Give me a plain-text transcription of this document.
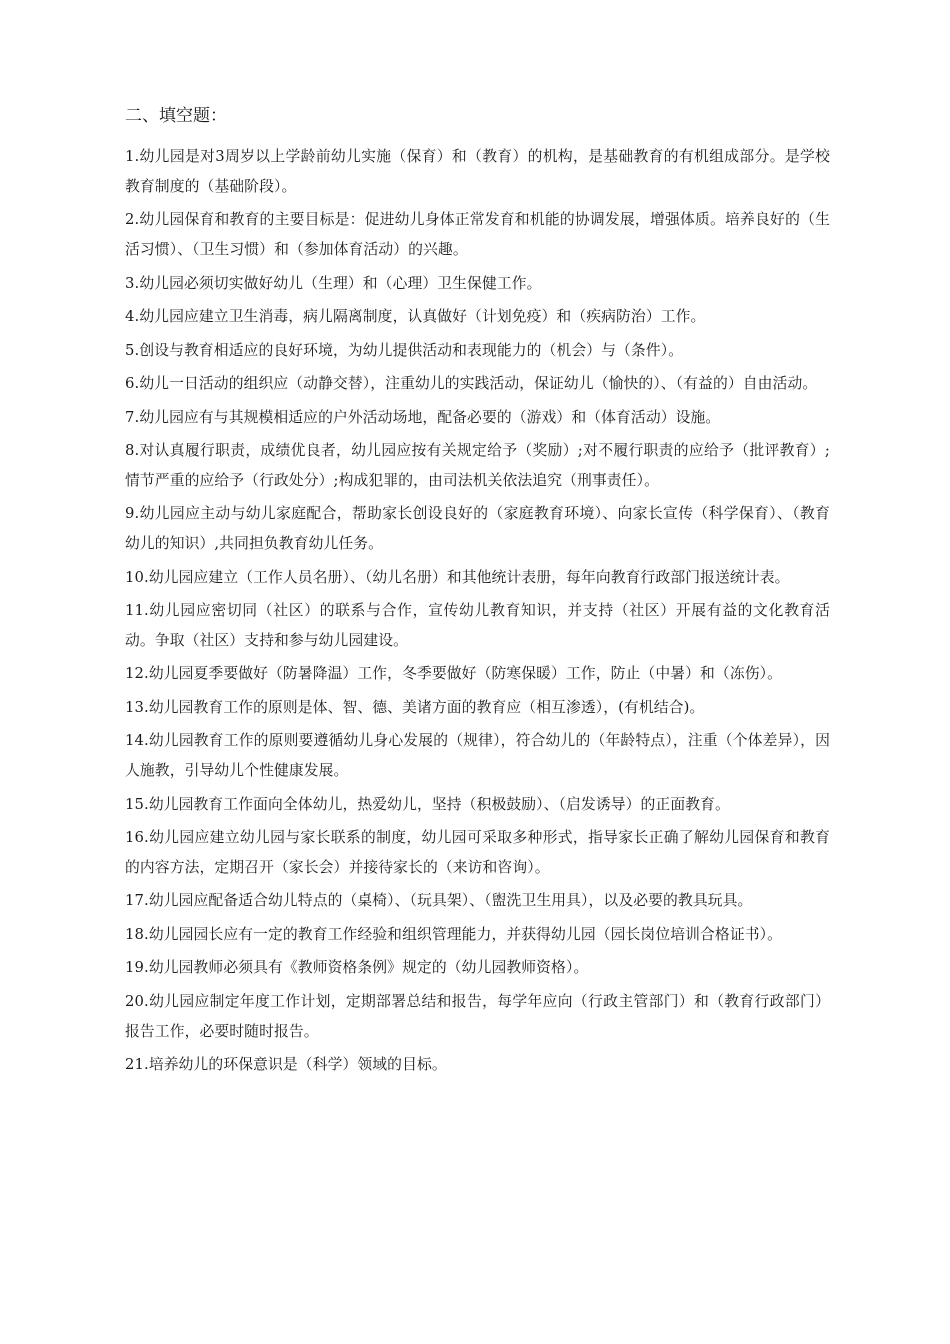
二、填空题：
1.幼儿园是对3周岁以上学龄前幼儿实施（保育）和（教育）的机构，是基础教育的有机组成部分。是学校教育制度的（基础阶段）。
2.幼儿园保育和教育的主要目标是：促进幼儿身体正常发育和机能的协调发展，增强体质。培养良好的（生活习惯）、（卫生习惯）和（参加体育活动）的兴趣。
3.幼儿园必须切实做好幼儿（生理）和（心理）卫生保健工作。
4.幼儿园应建立卫生消毒，病儿隔离制度，认真做好（计划免疫）和（疾病防治）工作。
5.创设与教育相适应的良好环境，为幼儿提供活动和表现能力的（机会）与（条件）。
6.幼儿一日活动的组织应（动静交替），注重幼儿的实践活动，保证幼儿（愉快的）、（有益的）自由活动。
7.幼儿园应有与其规模相适应的户外活动场地，配备必要的（游戏）和（体育活动）设施。
8.对认真履行职责，成绩优良者，幼儿园应按有关规定给予（奖励）;对不履行职责的应给予（批评教育）;情节严重的应给予（行政处分）;构成犯罪的，由司法机关依法追究（刑事责任）。
9.幼儿园应主动与幼儿家庭配合，帮助家长创设良好的（家庭教育环境）、向家长宣传（科学保育）、（教育幼儿的知识）,共同担负教育幼儿任务。
10.幼儿园应建立（工作人员名册）、（幼儿名册）和其他统计表册，每年向教育行政部门报送统计表。
11.幼儿园应密切同（社区）的联系与合作，宣传幼儿教育知识，并支持（社区）开展有益的文化教育活动。争取（社区）支持和参与幼儿园建设。
12.幼儿园夏季要做好（防暑降温）工作，冬季要做好（防寒保暖）工作，防止（中暑）和（冻伤）。
13.幼儿园教育工作的原则是体、智、德、美诸方面的教育应（相互渗透），(有机结合)。
14.幼儿园教育工作的原则要遵循幼儿身心发展的（规律），符合幼儿的（年龄特点），注重（个体差异），因人施教，引导幼儿个性健康发展。
15.幼儿园教育工作面向全体幼儿，热爱幼儿，坚持（积极鼓励）、（启发诱导）的正面教育。
16.幼儿园应建立幼儿园与家长联系的制度，幼儿园可采取多种形式，指导家长正确了解幼儿园保育和教育的内容方法，定期召开（家长会）并接待家长的（来访和咨询）。
17.幼儿园应配备适合幼儿特点的（桌椅）、（玩具架）、（盥洗卫生用具），以及必要的教具玩具。
18.幼儿园园长应有一定的教育工作经验和组织管理能力，并获得幼儿园（园长岗位培训合格证书）。
19.幼儿园教师必须具有《教师资格条例》规定的（幼儿园教师资格）。
20.幼儿园应制定年度工作计划，定期部署总结和报告，每学年应向（行政主管部门）和（教育行政部门）报告工作，必要时随时报告。
21.培养幼儿的环保意识是（科学）领域的目标。
